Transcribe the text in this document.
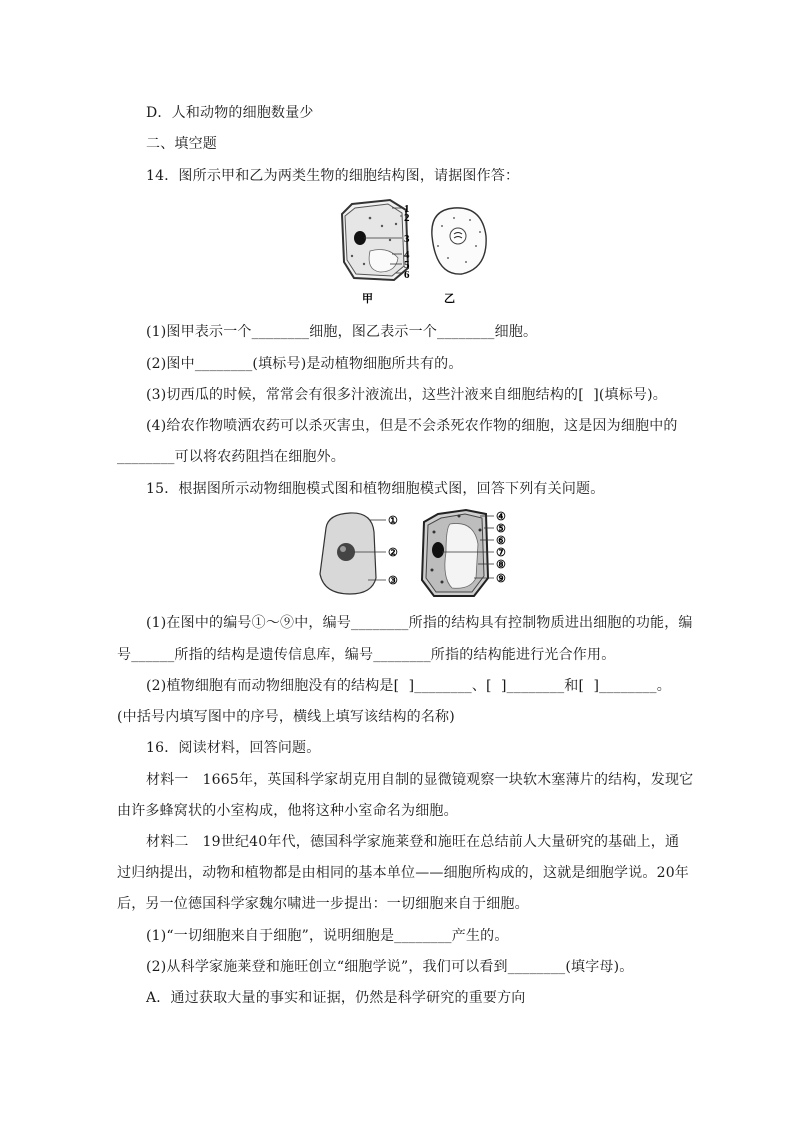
D．人和动物的细胞数量少
二、填空题
14．图所示甲和乙为两类生物的细胞结构图，请据图作答：
1
2
3
4
5
6
甲	乙
(1)图甲表示一个________细胞，图乙表示一个________细胞。
(2)图中________(填标号)是动植物细胞所共有的。
(3)切西瓜的时候，常常会有很多汁液流出，这些汁液来自细胞结构的[  ](填标号)。
(4)给农作物喷洒农药可以杀灭害虫，但是不会杀死农作物的细胞，这是因为细胞中的
________可以将农药阻挡在细胞外。
15．根据图所示动物细胞模式图和植物细胞模式图，回答下列有关问题。
①
②
③
④
⑤
⑥
⑦
⑧
⑨
(1)在图中的编号①～⑨中，编号________所指的结构具有控制物质进出细胞的功能，编
号______所指的结构是遗传信息库，编号________所指的结构能进行光合作用。
(2)植物细胞有而动物细胞没有的结构是[  ]________、[  ]________和[  ]________。
(中括号内填写图中的序号，横线上填写该结构的名称)
16．阅读材料，回答问题。
材料一   1665年，英国科学家胡克用自制的显微镜观察一块软木塞薄片的结构，发现它
由许多蜂窝状的小室构成，他将这种小室命名为细胞。
材料二   19世纪40年代，德国科学家施莱登和施旺在总结前人大量研究的基础上，通
过归纳提出，动物和植物都是由相同的基本单位——细胞所构成的，这就是细胞学说。20年
后，另一位德国科学家魏尔啸进一步提出：一切细胞来自于细胞。
(1)“一切细胞来自于细胞”，说明细胞是________产生的。
(2)从科学家施莱登和施旺创立“细胞学说”，我们可以看到________(填字母)。
A．通过获取大量的事实和证据，仍然是科学研究的重要方向
